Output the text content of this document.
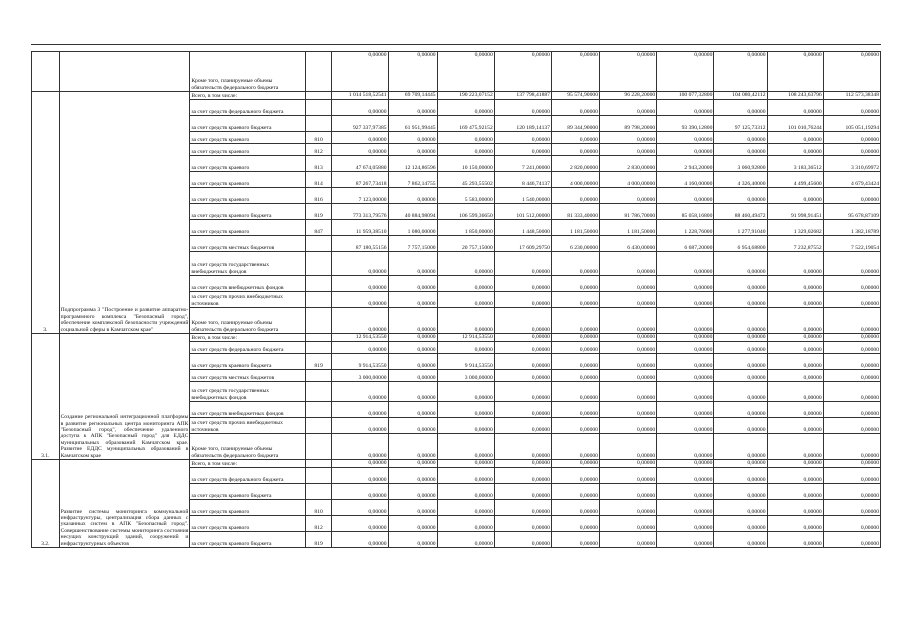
		Кроме того, планируемые объемы обязательств федерального бюджета		0,00000	0,00000	0,00000	0,00000	0,00000	0,00000	0,00000	0,00000	0,00000	0,00000	
3.	Подпрограмма 3 "Построение и развитие аппаратно-программного комплекса "Безопасный город", обеспечение комплексной безопасности учреждений социальной сферы в Камчатском крае"	Всего, в том числе:		1 014 518,52541	69 709,14445	190 223,07152	137 798,41887	95 574,90000	96 228,20000	100 077,32800	104 080,42112	108 243,63796	112 573,38348	
		за счет средств федерального бюджета		0,00000	0,00000	0,00000	0,00000	0,00000	0,00000	0,00000	0,00000	0,00000	0,00000	
		за счет средств краевого бюджета		927 337,97385	61 951,99445	169 475,92152	120 189,14137	89 344,90000	89 798,20000	93 390,12800	97 125,73312	101 010,76244	105 051,19294	
		за счет средств краевого	810	0,00000	0,00000	0,00000	0,00000	0,00000	0,00000	0,00000	0,00000	0,00000	0,00000	
		за счет средств краевого	812	0,00000	0,00000	0,00000	0,00000	0,00000	0,00000	0,00000	0,00000	0,00000	0,00000	
		за счет средств краевого	813	47 674,05880	12 124,86596	10 150,00000	7 241,00000	2 820,00000	2 830,00000	2 943,20000	3 060,92800	3 183,36512	3 310,69972	
		за счет средств краевого	814	87 267,73418	7 862,14755	45 293,55502	8 446,74137	4 000,00000	4 000,00000	4 160,00000	4 326,40000	4 499,45600	4 679,43424	
		за счет средств краевого	816	7 123,00000	0,00000	5 583,00000	1 540,00000	0,00000	0,00000	0,00000	0,00000	0,00000	0,00000	
		за счет средств краевого бюджета	819	773 313,79576	40 884,98094	106 599,36650	101 512,00000	81 333,40000	81 786,70000	85 058,16800	88 460,49472	91 998,91451	95 678,87109	
		за счет средств краевого	847	11 959,38510	1 080,00000	1 850,00000	1 448,50000	1 181,50000	1 181,50000	1 228,76000	1 277,91040	1 329,02682	1 382,18789	
		за счет средств местных бюджетов		87 180,55156	7 757,15000	20 757,15000	17 609,29750	6 230,00000	6 430,00000	6 687,20000	6 954,68800	7 232,87552	7 522,19054	
		за счет средств государственных внебюджетных фондов		0,00000	0,00000	0,00000	0,00000	0,00000	0,00000	0,00000	0,00000	0,00000	0,00000	
		за счет средств внебюджетных фондов		0,00000	0,00000	0,00000	0,00000	0,00000	0,00000	0,00000	0,00000	0,00000	0,00000	
		за счет средств прочих внебюджетных источников		0,00000	0,00000	0,00000	0,00000	0,00000	0,00000	0,00000	0,00000	0,00000	0,00000	
		Кроме того, планируемые объемы обязательств федерального бюджета		0,00000	0,00000	0,00000	0,00000	0,00000	0,00000	0,00000	0,00000	0,00000	0,00000	
3.1.	Создание региональной интеграционной платформы в развитие региональных центра мониторинга АПК "Безопасный город", обеспечение удаленного доступа к АПК "Безопасный город" для ЕДДС муниципальных образований Камчатском крае. Развитие ЕДДС муниципальных образований в Камчатском крае	Всего, в том числе:		12 914,53550	0,00000	12 914,53550	0,00000	0,00000	0,00000	0,00000	0,00000	0,00000	0,00000	
		за счет средств федерального бюджета		0,00000	0,00000	0,00000	0,00000	0,00000	0,00000	0,00000	0,00000	0,00000	0,00000	
		за счет средств краевого бюджета	819	9 914,53550	0,00000	9 914,53550	0,00000	0,00000	0,00000	0,00000	0,00000	0,00000	0,00000	
		за счет средств местных бюджетов		3 000,00000	0,00000	3 000,00000	0,00000	0,00000	0,00000	0,00000	0,00000	0,00000	0,00000	
		за счет средств государственных внебюджетных фондов		0,00000	0,00000	0,00000	0,00000	0,00000	0,00000	0,00000	0,00000	0,00000	0,00000	
		за счет средств внебюджетных фондов		0,00000	0,00000	0,00000	0,00000	0,00000	0,00000	0,00000	0,00000	0,00000	0,00000	
		за счет средств прочих внебюджетных источников		0,00000	0,00000	0,00000	0,00000	0,00000	0,00000	0,00000	0,00000	0,00000	0,00000	
		Кроме того, планируемые объемы обязательств федерального бюджета		0,00000	0,00000	0,00000	0,00000	0,00000	0,00000	0,00000	0,00000	0,00000	0,00000	
3.2.	Развитие системы мониторинга коммунальной инфраструктуры, централизация сбора данных с указанных систем в АПК "Безопасный город". Совершенствование системы мониторинга состояния несущих конструкций зданий, сооружений и инфраструктурных объектов	Всего, в том числе:		0,00000	0,00000	0,00000	0,00000	0,00000	0,00000	0,00000	0,00000	0,00000	0,00000	
		за счет средств федерального бюджета		0,00000	0,00000	0,00000	0,00000	0,00000	0,00000	0,00000	0,00000	0,00000	0,00000	
		за счет средств краевого бюджета		0,00000	0,00000	0,00000	0,00000	0,00000	0,00000	0,00000	0,00000	0,00000	0,00000	
		за счет средств краевого	810	0,00000	0,00000	0,00000	0,00000	0,00000	0,00000	0,00000	0,00000	0,00000	0,00000	
		за счет средств краевого	812	0,00000	0,00000	0,00000	0,00000	0,00000	0,00000	0,00000	0,00000	0,00000	0,00000	
		за счет средств краевого бюджета	819	0,00000	0,00000	0,00000	0,00000	0,00000	0,00000	0,00000	0,00000	0,00000	0,00000	
